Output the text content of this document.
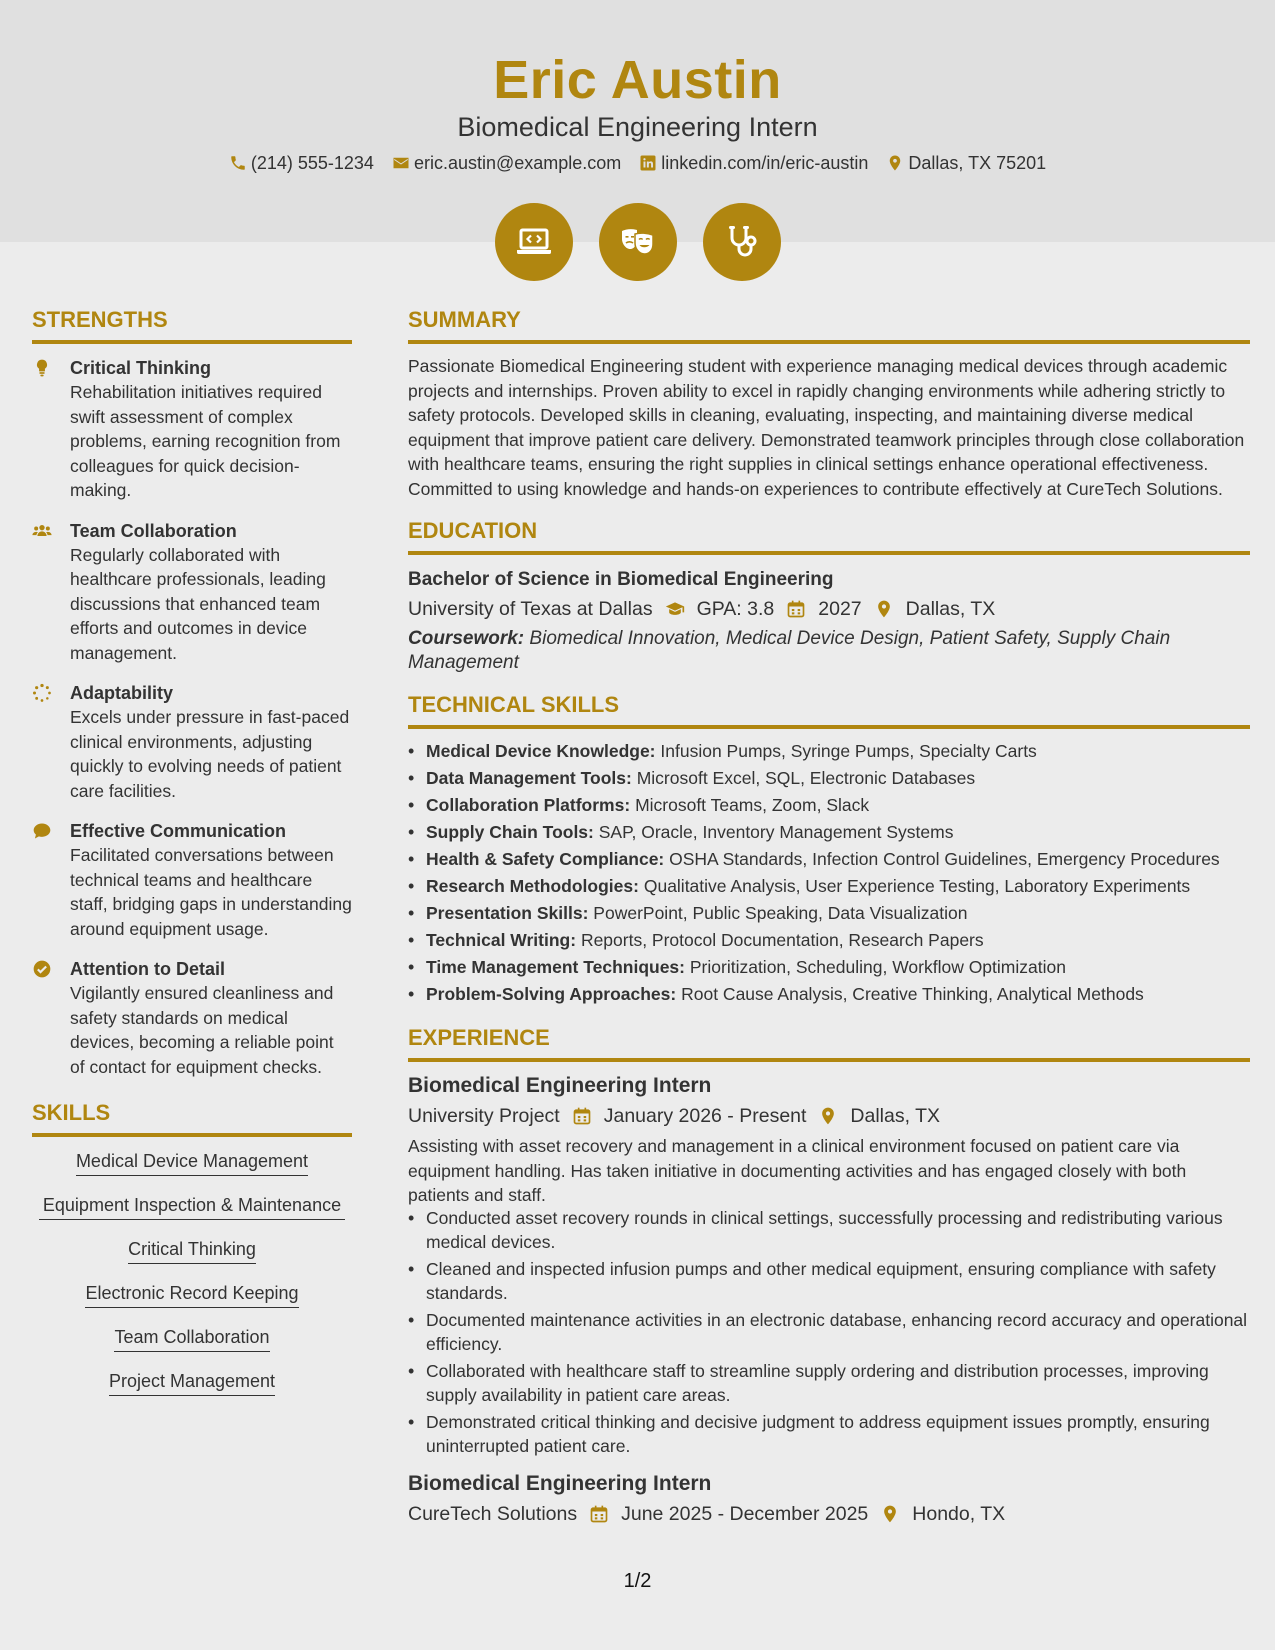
Eric Austin
Biomedical Engineering Intern
(214) 555-1234 eric.austin@example.com linkedin.com/in/eric-austin Dallas, TX 75201
STRENGTHS
Critical Thinking
Rehabilitation initiatives required swift assessment of complex problems, earning recognition from colleagues for quick decision-making.
Team Collaboration
Regularly collaborated with healthcare professionals, leading discussions that enhanced team efforts and outcomes in device management.
Adaptability
Excels under pressure in fast-paced clinical environments, adjusting quickly to evolving needs of patient care facilities.
Effective Communication
Facilitated conversations between technical teams and healthcare staff, bridging gaps in understanding around equipment usage.
Attention to Detail
Vigilantly ensured cleanliness and safety standards on medical devices, becoming a reliable point of contact for equipment checks.
SKILLS
Medical Device Management
Equipment Inspection & Maintenance
Critical Thinking
Electronic Record Keeping
Team Collaboration
Project Management
SUMMARY
Passionate Biomedical Engineering student with experience managing medical devices through academic projects and internships. Proven ability to excel in rapidly changing environments while adhering strictly to safety protocols. Developed skills in cleaning, evaluating, inspecting, and maintaining diverse medical equipment that improve patient care delivery. Demonstrated teamwork principles through close collaboration with healthcare teams, ensuring the right supplies in clinical settings enhance operational effectiveness. Committed to using knowledge and hands-on experiences to contribute effectively at CureTech Solutions.
EDUCATION
Bachelor of Science in Biomedical Engineering
University of Texas at Dallas GPA: 3.8 2027 Dallas, TX
Coursework: Biomedical Innovation, Medical Device Design, Patient Safety, Supply Chain Management
TECHNICAL SKILLS
• Medical Device Knowledge: Infusion Pumps, Syringe Pumps, Specialty Carts
• Data Management Tools: Microsoft Excel, SQL, Electronic Databases
• Collaboration Platforms: Microsoft Teams, Zoom, Slack
• Supply Chain Tools: SAP, Oracle, Inventory Management Systems
• Health & Safety Compliance: OSHA Standards, Infection Control Guidelines, Emergency Procedures
• Research Methodologies: Qualitative Analysis, User Experience Testing, Laboratory Experiments
• Presentation Skills: PowerPoint, Public Speaking, Data Visualization
• Technical Writing: Reports, Protocol Documentation, Research Papers
• Time Management Techniques: Prioritization, Scheduling, Workflow Optimization
• Problem-Solving Approaches: Root Cause Analysis, Creative Thinking, Analytical Methods
EXPERIENCE
Biomedical Engineering Intern
University Project January 2026 - Present Dallas, TX
Assisting with asset recovery and management in a clinical environment focused on patient care via equipment handling. Has taken initiative in documenting activities and has engaged closely with both patients and staff.
• Conducted asset recovery rounds in clinical settings, successfully processing and redistributing various medical devices.
• Cleaned and inspected infusion pumps and other medical equipment, ensuring compliance with safety standards.
• Documented maintenance activities in an electronic database, enhancing record accuracy and operational efficiency.
• Collaborated with healthcare staff to streamline supply ordering and distribution processes, improving supply availability in patient care areas.
• Demonstrated critical thinking and decisive judgment to address equipment issues promptly, ensuring uninterrupted patient care.
Biomedical Engineering Intern
CureTech Solutions June 2025 - December 2025 Hondo, TX
1/2
